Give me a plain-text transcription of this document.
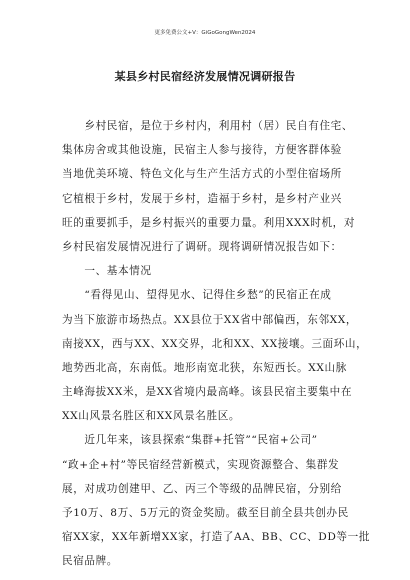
更多免费公文+V：GiGoGongWen2024
某县乡村民宿经济发展情况调研报告
　　乡村民宿，是位于乡村内，利用村（居）民自有住宅、
集体房舍或其他设施，民宿主人参与接待，方便客群体验
当地优美环境、特色文化与生产生活方式的小型住宿场所
它植根于乡村，发展于乡村，造福于乡村，是乡村产业兴
旺的重要抓手，是乡村振兴的重要力量。利用XXX时机，对
乡村民宿发展情况进行了调研。现将调研情况报告如下：
　　一、基本情况
　　“看得见山、望得见水、记得住乡愁”的民宿正在成
为当下旅游市场热点。XX县位于XX省中部偏西，东邻XX，
南接XX，西与XX、XX交界，北和XX、XX接壤。三面环山，
地势西北高，东南低。地形南宽北狭，东短西长。XX山脉
主峰海拔XX米，是XX省境内最高峰。该县民宿主要集中在
XX山风景名胜区和XX风景名胜区。
　　近几年来，该县探索“集群+托管”“民宿+公司”
“政+企+村”等民宿经营新模式，实现资源整合、集群发
展，对成功创建甲、乙、丙三个等级的品牌民宿，分别给
予10万、8万、5万元的资金奖励。截至目前全县共创办民
宿XX家，XX年新增XX家，打造了AA、BB、CC、DD等一批
民宿品牌。
